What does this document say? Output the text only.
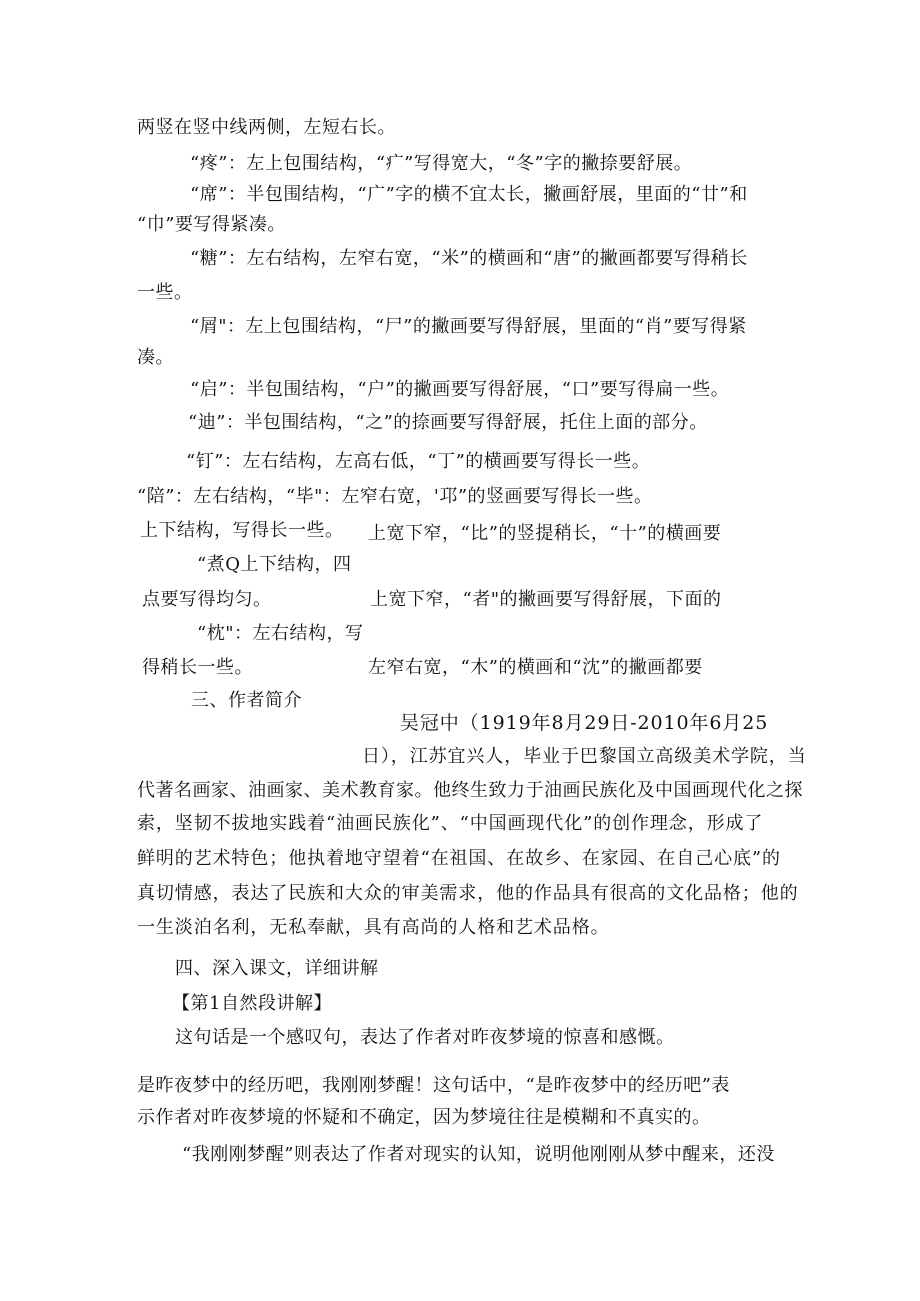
两竖在竖中线两侧，左短右长。
“疼”：左上包围结构，“疒”写得宽大，“冬”字的撇捺要舒展。
“席”：半包围结构，“广”字的横不宜太长，撇画舒展，里面的“廿”和
“巾”要写得紧凑。
“糖”：左右结构，左窄右宽，“米”的横画和“唐”的撇画都要写得稍长
一些。
“屑"：左上包围结构，“尸”的撇画要写得舒展，里面的“肖”要写得紧
凑。
“启”：半包围结构，“户”的撇画要写得舒展，“口”要写得扁一些。
“迪”：半包围结构，“之”的捺画要写得舒展，托住上面的部分。
“钉”：左右结构，左高右低，“丁”的横画要写得长一些。
“陪”：左右结构，“毕"：左窄右宽，'邛”的竖画要写得长一些。
上下结构，写得长一些。 上宽下窄，“比”的竖提稍长，“十”的横画要
“煮Q上下结构，四
点要写得均匀。	上宽下窄，“者"的撇画要写得舒展，下面的
“枕"：左右结构，写
得稍长一些。	左窄右宽，“木”的横画和“沈”的撇画都要
三、作者简介
吴冠中（1919年8月29日-2010年6月25
日），江苏宜兴人，毕业于巴黎国立高级美术学院，当
代著名画家、油画家、美术教育家。他终生致力于油画民族化及中国画现代化之探
索，坚韧不拔地实践着“油画民族化”、“中国画现代化”的创作理念，形成了
鲜明的艺术特色；他执着地守望着“在祖国、在故乡、在家园、在自己心底”的
真切情感，表达了民族和大众的审美需求，他的作品具有很高的文化品格；他的
一生淡泊名利，无私奉献，具有高尚的人格和艺术品格。
四、深入课文，详细讲解
【第1自然段讲解】
这句话是一个感叹句，表达了作者对昨夜梦境的惊喜和感慨。
是昨夜梦中的经历吧，我刚刚梦醒！这句话中，“是昨夜梦中的经历吧”表
示作者对昨夜梦境的怀疑和不确定，因为梦境往往是模糊和不真实的。
“我刚刚梦醒”则表达了作者对现实的认知，说明他刚刚从梦中醒来，还没
